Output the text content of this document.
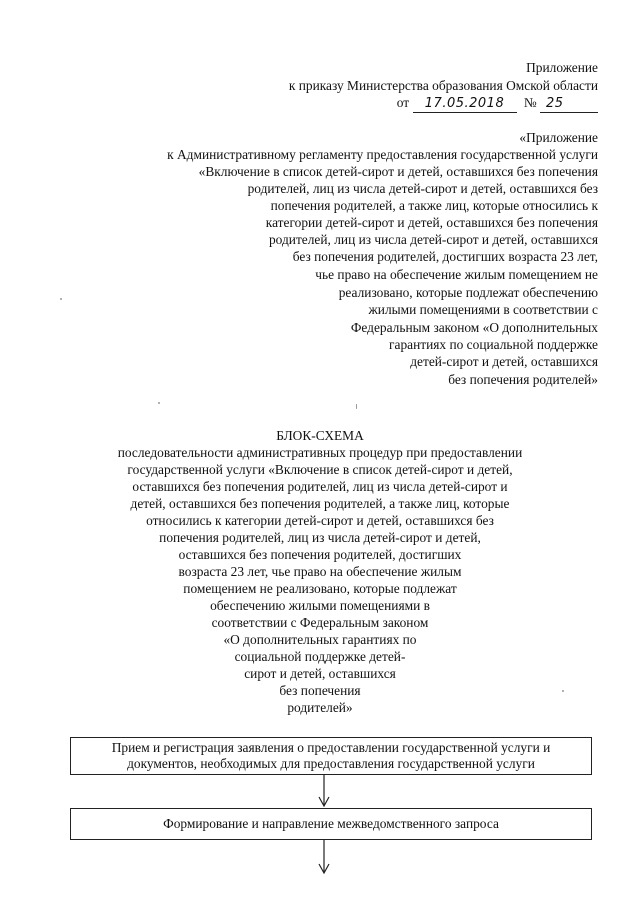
Приложение
к приказу Министерства образования Омской области
от 17.05.2018 № 25
«Приложение
к Административному регламенту предоставления государственной услуги
«Включение в список детей-сирот и детей, оставшихся без попечения
родителей, лиц из числа детей-сирот и детей, оставшихся без
попечения родителей, а также лиц, которые относились к
категории детей-сирот и детей, оставшихся без попечения
родителей, лиц из числа детей-сирот и детей, оставшихся
без попечения родителей, достигших возраста 23 лет,
чье право на обеспечение жилым помещением не
реализовано, которые подлежат обеспечению
жилыми помещениями в соответствии с
Федеральным законом «О дополнительных
гарантиях по социальной поддержке
детей-сирот и детей, оставшихся
без попечения родителей»
БЛОК-СХЕМА
последовательности административных процедур при предоставлении
государственной услуги «Включение в список детей-сирот и детей,
оставшихся без попечения родителей, лиц из числа детей-сирот и
детей, оставшихся без попечения родителей, а также лиц, которые
относились к категории детей-сирот и детей, оставшихся без
попечения родителей, лиц из числа детей-сирот и детей,
оставшихся без попечения родителей, достигших
возраста 23 лет, чье право на обеспечение жилым
помещением не реализовано, которые подлежат
обеспечению жилыми помещениями в
соответствии с Федеральным законом
«О дополнительных гарантиях по
социальной поддержке детей-
сирот и детей, оставшихся
без попечения
родителей»
Прием и регистрация заявления о предоставлении государственной услуги и
документов, необходимых для предоставления государственной услуги
Формирование и направление межведомственного запроса
